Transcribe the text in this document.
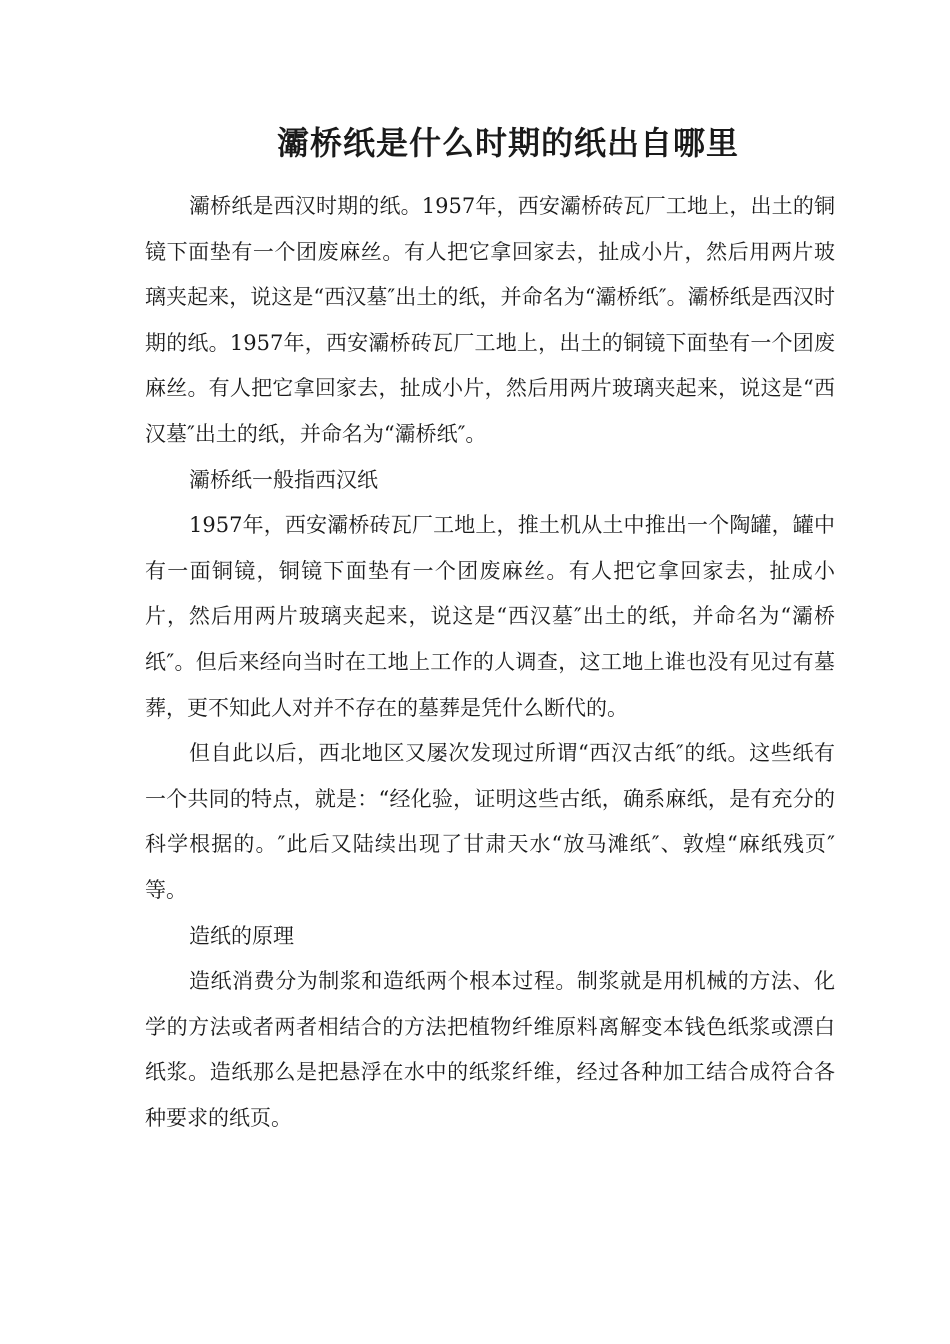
灞桥纸是什么时期的纸出自哪里

灞桥纸是西汉时期的纸。1957年，西安灞桥砖瓦厂工地上，出土的铜镜下面垫有一个团废麻丝。有人把它拿回家去，扯成小片，然后用两片玻璃夹起来，说这是“西汉墓″出土的纸，并命名为“灞桥纸″。灞桥纸是西汉时期的纸。1957年，西安灞桥砖瓦厂工地上，出土的铜镜下面垫有一个团废麻丝。有人把它拿回家去，扯成小片，然后用两片玻璃夹起来，说这是“西汉墓″出土的纸，并命名为“灞桥纸″。

灞桥纸一般指西汉纸

1957年，西安灞桥砖瓦厂工地上，推土机从土中推出一个陶罐，罐中有一面铜镜，铜镜下面垫有一个团废麻丝。有人把它拿回家去，扯成小片，然后用两片玻璃夹起来，说这是“西汉墓″出土的纸，并命名为“灞桥纸″。但后来经向当时在工地上工作的人调查，这工地上谁也没有见过有墓葬，更不知此人对并不存在的墓葬是凭什么断代的。

但自此以后，西北地区又屡次发现过所谓“西汉古纸″的纸。这些纸有一个共同的特点，就是：“经化验，证明这些古纸，确系麻纸，是有充分的科学根据的。″此后又陆续出现了甘肃天水“放马滩纸″、敦煌“麻纸残页″等。

造纸的原理

造纸消费分为制浆和造纸两个根本过程。制浆就是用机械的方法、化学的方法或者两者相结合的方法把植物纤维原料离解变本钱色纸浆或漂白纸浆。造纸那么是把悬浮在水中的纸浆纤维，经过各种加工结合成符合各种要求的纸页。
